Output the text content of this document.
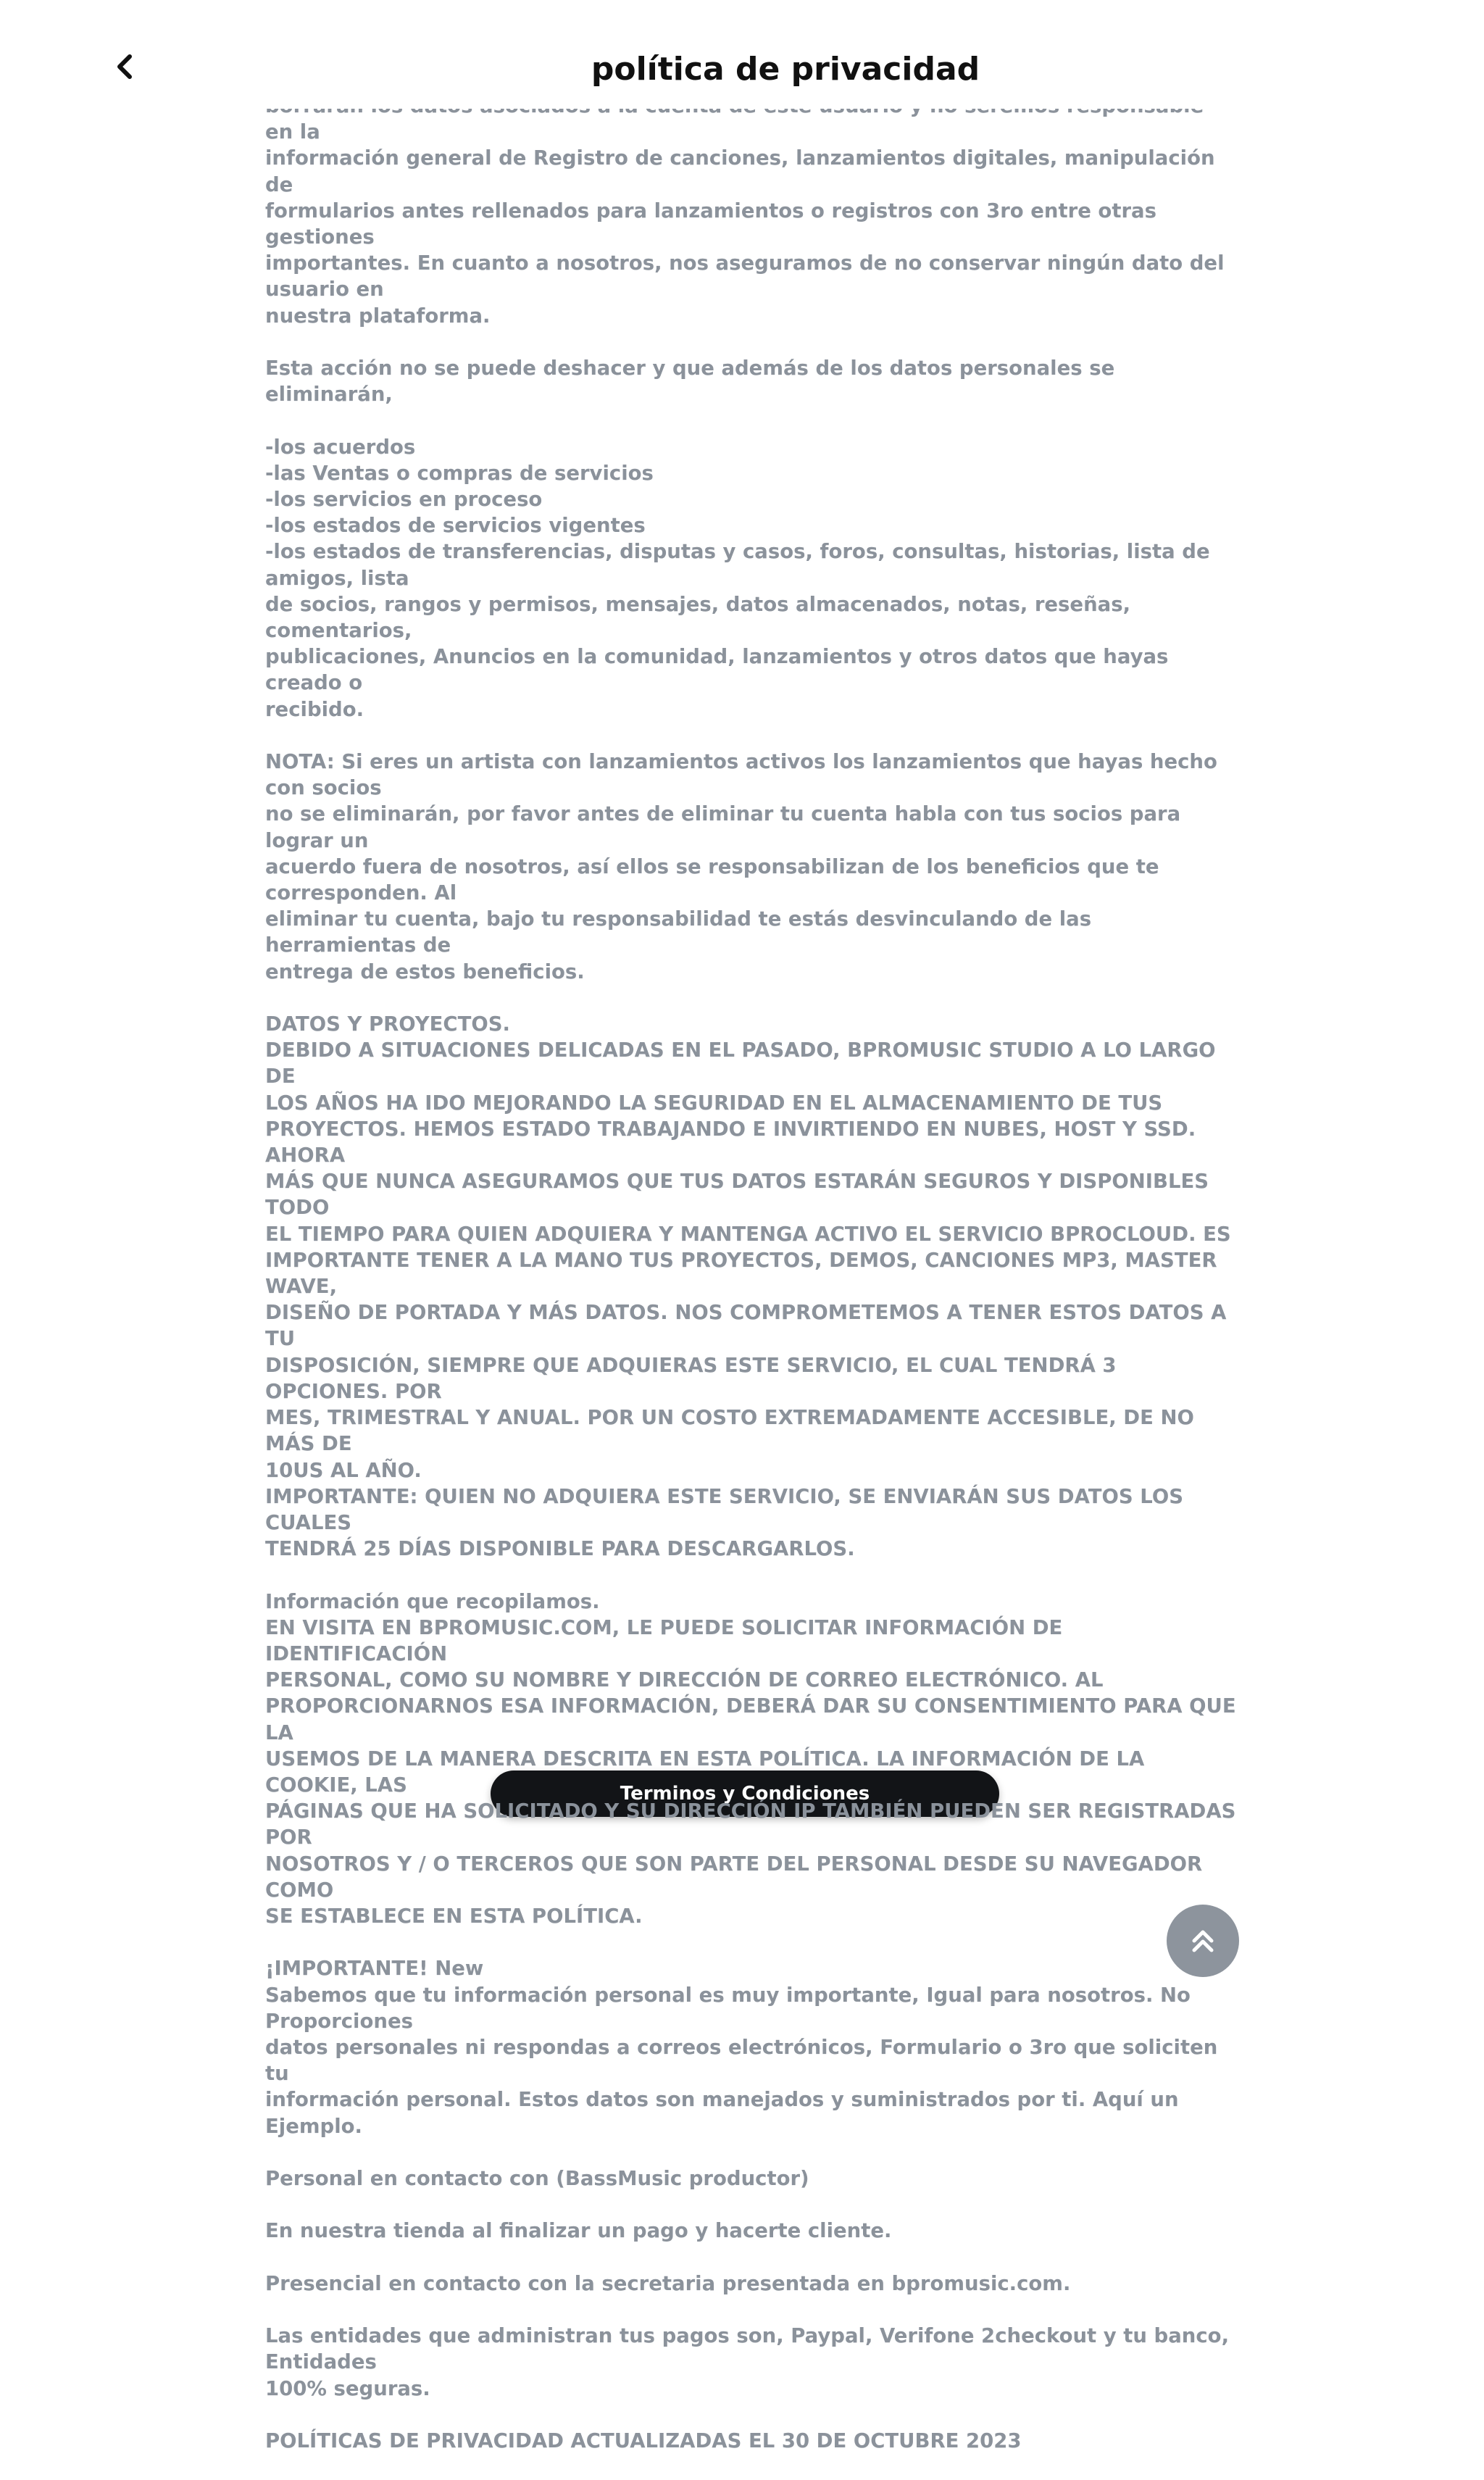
política de privacidad

en la
información general de Registro de canciones, lanzamientos digitales, manipulación de
formularios antes rellenados para lanzamientos o registros con 3ro entre otras gestiones
importantes. En cuanto a nosotros, nos aseguramos de no conservar ningún dato del usuario en
nuestra plataforma.

Esta acción no se puede deshacer y que además de los datos personales se eliminarán,

-los acuerdos
-las Ventas o compras de servicios
-los servicios en proceso
-los estados de servicios vigentes
-los estados de transferencias, disputas y casos, foros, consultas, historias, lista de amigos, lista
de socios, rangos y permisos, mensajes, datos almacenados, notas, reseñas, comentarios,
publicaciones, Anuncios en la comunidad, lanzamientos y otros datos que hayas creado o
recibido.

NOTA: Si eres un artista con lanzamientos activos los lanzamientos que hayas hecho con socios
no se eliminarán, por favor antes de eliminar tu cuenta habla con tus socios para lograr un
acuerdo fuera de nosotros, así ellos se responsabilizan de los beneficios que te corresponden. Al
eliminar tu cuenta, bajo tu responsabilidad te estás desvinculando de las herramientas de
entrega de estos beneficios.

DATOS Y PROYECTOS.
DEBIDO A SITUACIONES DELICADAS EN EL PASADO, BPROMUSIC STUDIO A LO LARGO DE
LOS AÑOS HA IDO MEJORANDO LA SEGURIDAD EN EL ALMACENAMIENTO DE TUS
PROYECTOS. HEMOS ESTADO TRABAJANDO E INVIRTIENDO EN NUBES, HOST Y SSD. AHORA
MÁS QUE NUNCA ASEGURAMOS QUE TUS DATOS ESTARÁN SEGUROS Y DISPONIBLES TODO
EL TIEMPO PARA QUIEN ADQUIERA Y MANTENGA ACTIVO EL SERVICIO BPROCLOUD. ES
IMPORTANTE TENER A LA MANO TUS PROYECTOS, DEMOS, CANCIONES MP3, MASTER WAVE,
DISEÑO DE PORTADA Y MÁS DATOS. NOS COMPROMETEMOS A TENER ESTOS DATOS A TU
DISPOSICIÓN, SIEMPRE QUE ADQUIERAS ESTE SERVICIO, EL CUAL TENDRÁ 3 OPCIONES. POR
MES, TRIMESTRAL Y ANUAL. POR UN COSTO EXTREMADAMENTE ACCESIBLE, DE NO MÁS DE
10US AL AÑO.
IMPORTANTE: QUIEN NO ADQUIERA ESTE SERVICIO, SE ENVIARÁN SUS DATOS LOS CUALES
TENDRÁ 25 DÍAS DISPONIBLE PARA DESCARGARLOS.

Información que recopilamos.
EN VISITA EN BPROMUSIC.COM, LE PUEDE SOLICITAR INFORMACIÓN DE IDENTIFICACIÓN
PERSONAL, COMO SU NOMBRE Y DIRECCIÓN DE CORREO ELECTRÓNICO. AL
PROPORCIONARNOS ESA INFORMACIÓN, DEBERÁ DAR SU CONSENTIMIENTO PARA QUE LA
USEMOS DE LA MANERA DESCRITA EN ESTA POLÍTICA. LA INFORMACIÓN DE LA COOKIE, LAS
PÁGINAS QUE HA SOLICITADO Y SU DIRECCIÓN IP TAMBIÉN PUEDEN SER REGISTRADAS POR
NOSOTROS Y / O TERCEROS QUE SON PARTE DEL PERSONAL DESDE SU NAVEGADOR COMO
SE ESTABLECE EN ESTA POLÍTICA.

¡IMPORTANTE! New
Sabemos que tu información personal es muy importante, Igual para nosotros. No Proporciones
datos personales ni respondas a correos electrónicos, Formulario o 3ro que soliciten tu
información personal. Estos datos son manejados y suministrados por ti. Aquí un Ejemplo.

Personal en contacto con (BassMusic productor)

En nuestra tienda al finalizar un pago y hacerte cliente.

Presencial en contacto con la secretaria presentada en bpromusic.com.

Las entidades que administran tus pagos son, Paypal, Verifone 2checkout y tu banco, Entidades
100% seguras.

POLÍTICAS DE PRIVACIDAD ACTUALIZADAS EL 30 DE OCTUBRE 2023

Terminos y Condiciones
